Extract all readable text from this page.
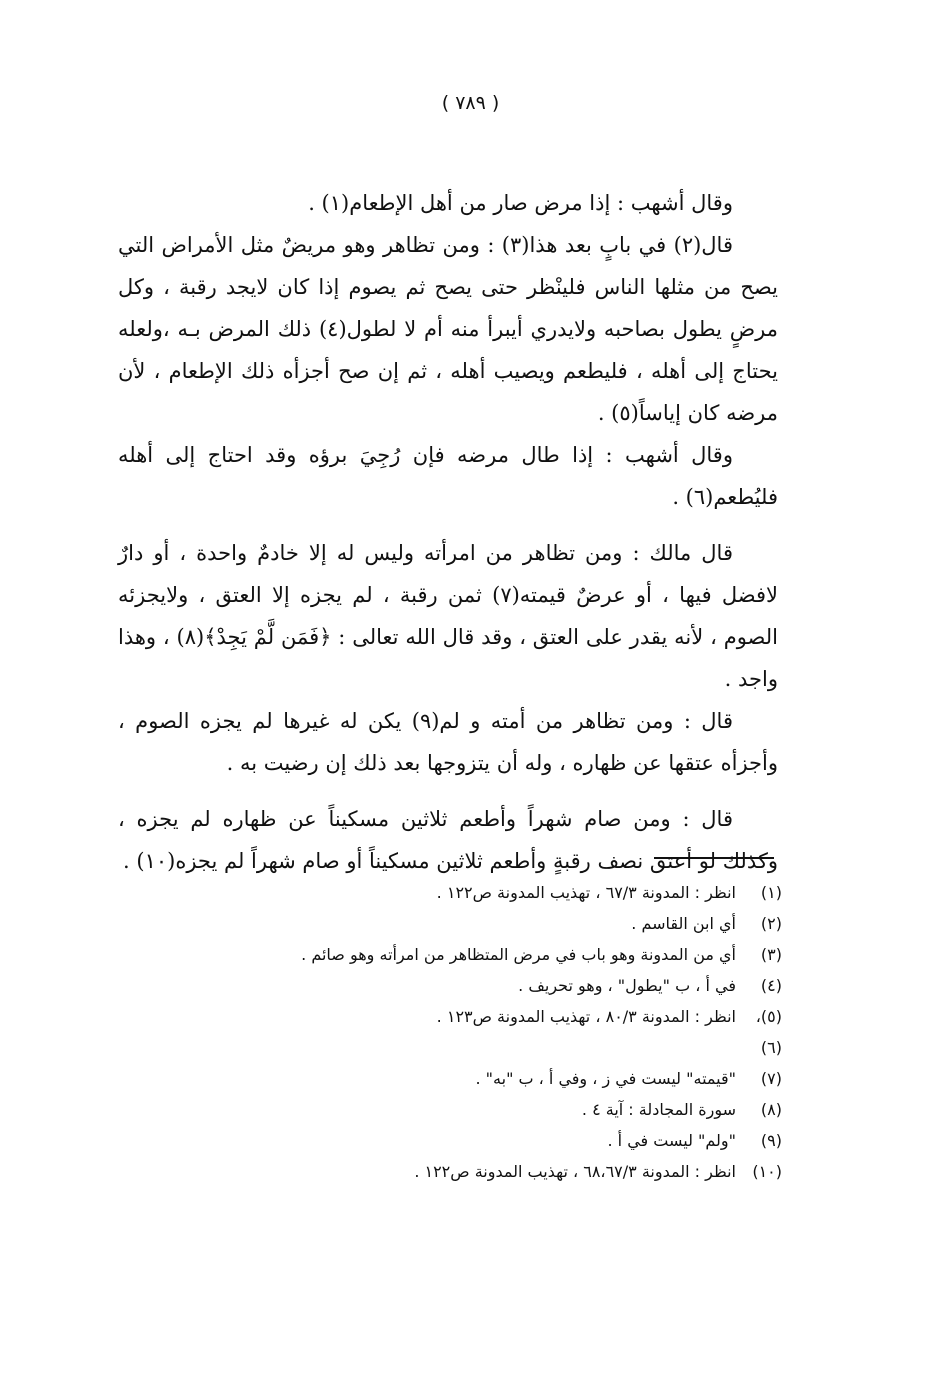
( ٧٨٩ )

وقال أشهب : إذا مرض صار من أهل الإطعام(١) .

قال(٢) في بابٍ بعد هذا(٣) : ومن تظاهر وهو مريضٌ مثل الأمراض التي يصح من مثلها الناس فلينْظر حتى يصح ثم يصوم إذا كان لايجد رقبة ، وكل مرضٍ يطول بصاحبه ولايدري أيبرأ منه أم لا لطول(٤) ذلك المرض بـه ،ولعله يحتاج إلى أهله ، فليطعم ويصيب أهله ، ثم إن صح أجزأه ذلك الإطعام ، لأن مرضه كان إياساً(٥) .

وقال أشهب : إذا طال مرضه فإن رُجِيَ برؤه وقد احتاج إلى أهله فليُطعم(٦) .

قال مالك : ومن تظاهر من امرأته وليس له إلا خادمٌ واحدة ، أو دارٌ لافضل فيها ، أو عرضٌ قيمته(٧) ثمن رقبة ، لم يجزه إلا العتق ، ولايجزئه الصوم ، لأنه يقدر على العتق ، وقد قال الله تعالى : ﴿فَمَن لَّمْ يَجِدْ﴾(٨) ، وهذا واجد .

قال : ومن تظاهر من أمته و لم(٩) يكن له غيرها لم يجزه الصوم ، وأجزأه عتقها عن ظهاره ، وله أن يتزوجها بعد ذلك إن رضيت به .

قال : ومن صام شهراً وأطعم ثلاثين مسكيناً عن ظهاره لم يجزه ، وكذلك لو أعتق نصف رقبةٍ وأطعم ثلاثين مسكيناً أو صام شهراً لم يجزه(١٠) .

(١)
انظر : المدونة ٦٧/٣ ، تهذيب المدونة ص١٢٢ .
(٢)
أي ابن القاسم .
(٣)
أي من المدونة وهو باب في مرض المتظاهر من امرأته وهو صائم .
(٤)
في أ ، ب "يطول" ، وهو تحريف .
(٥)،(٦)
انظر : المدونة ٨٠/٣ ، تهذيب المدونة ص١٢٣ .
(٧)
"قيمته" ليست في ز ، وفي أ ، ب "به" .
(٨)
سورة المجادلة : آية ٤ .
(٩)
"ولم" ليست في أ .
(١٠)
انظر : المدونة ٦٨،٦٧/٣ ، تهذيب المدونة ص١٢٢ .
